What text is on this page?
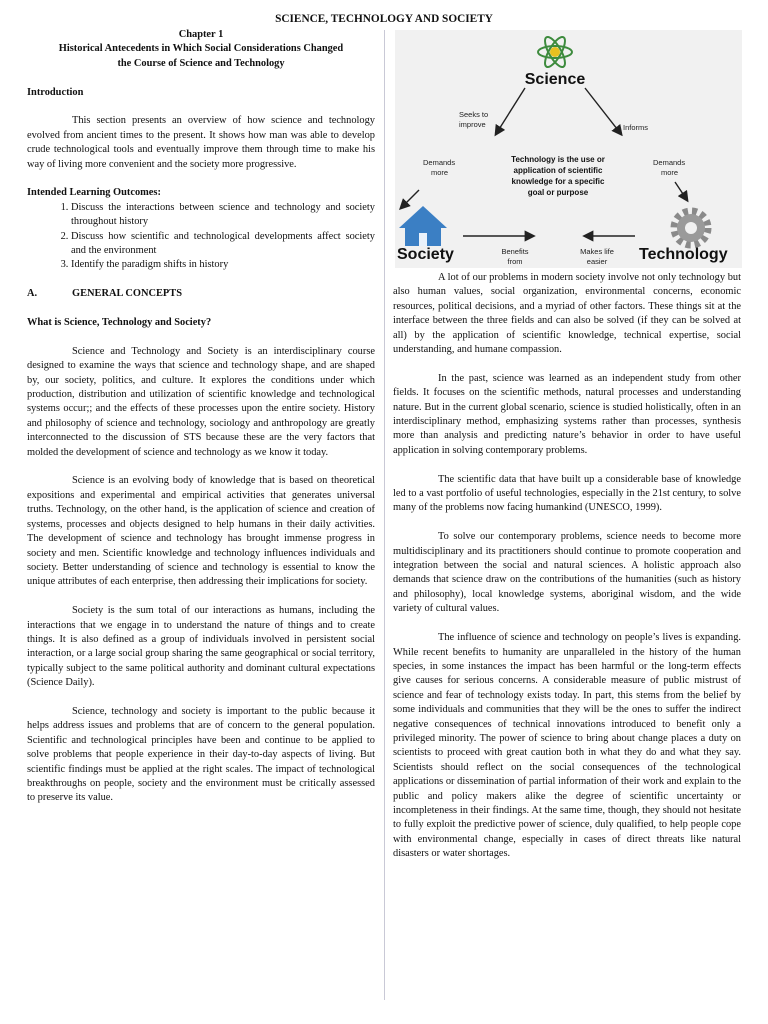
SCIENCE, TECHNOLOGY AND SOCIETY

Chapter 1

Historical Antecedents in Which Social Considerations Changed

the Course of Science and Technology

Introduction

This section presents an overview of how science and technology evolved from ancient times to the present. It shows how man was able to develop crude technological tools and eventually improve them through time to make his way of living more convenient and the society more progressive.

Intended Learning Outcomes:

1. Discuss the interactions between science and technology and society throughout history
2. Discuss how scientific and technological developments affect society and the environment
3. Identify the paradigm shifts in history

A.	GENERAL CONCEPTS

What is Science, Technology and Society?

Science and Technology and Society is an interdisciplinary course designed to examine the ways that science and technology shape, and are shaped by, our society, politics, and culture. It explores the conditions under which production, distribution and utilization of scientific knowledge and technological systems occur;; and the effects of these processes upon the entire society. History and philosophy of science and technology, sociology and anthropology are greatly interconnected to the discussion of STS because these are the very factors that molded the development of science and technology as we know it today.

Science is an evolving body of knowledge that is based on theoretical expositions and experimental and empirical activities that generates universal truths. Technology, on the other hand, is the application of science and creation of systems, processes and objects designed to help humans in their daily activities. The development of science and technology has brought immense progress in society and men. Scientific knowledge and technology influences individuals and society. Better understanding of science and technology is essential to know the unique attributes of each enterprise, then addressing their implications for society.

Society is the sum total of our interactions as humans, including the interactions that we engage in to understand the nature of things and to create things. It is also defined as a group of individuals involved in persistent social interaction, or a large social group sharing the same geographical or social territory, typically subject to the same political authority and dominant cultural expectations (Science Daily).

Science, technology and society is important to the public because it helps address issues and problems that are of concern to the general population. Scientific and technological principles have been and continue to be applied to solve problems that people experience in their day-to-day aspects of living. But scientific findings must be applied at the right scales. The impact of technological breakthroughs on people, society and the environment must be critically assessed to preserve its value.

Science
Seeks to
improve	Informs
Demands
more
Demands
more
Technology is the use or
application of scientific
knowledge for a specific
goal or purpose
Society	Technology
Benefits
from
Makes life
easier

A lot of our problems in modern society involve not only technology but also human values, social organization, environmental concerns, economic resources, political decisions, and a myriad of other factors. These things sit at the interface between the three fields and can also be solved (if they can be solved at all) by the application of scientific knowledge, technical expertise, social understanding, and humane compassion.

In the past, science was learned as an independent study from other fields. It focuses on the scientific methods, natural processes and understanding nature. But in the current global scenario, science is studied holistically, often in an interdisciplinary method, emphasizing systems rather than processes, synthesis more than analysis and predicting nature’s behavior in order to have useful application in solving contemporary problems.

The scientific data that have built up a considerable base of knowledge led to a vast portfolio of useful technologies, especially in the 21st century, to solve many of the problems now facing humankind (UNESCO, 1999).

To solve our contemporary problems, science needs to become more multidisciplinary and its practitioners should continue to promote cooperation and integration between the social and natural sciences. A holistic approach also demands that science draw on the contributions of the humanities (such as history and philosophy), local knowledge systems, aboriginal wisdom, and the wide variety of cultural values.

The influence of science and technology on people’s lives is expanding. While recent benefits to humanity are unparalleled in the history of the human species, in some instances the impact has been harmful or the long-term effects give causes for serious concerns. A considerable measure of public mistrust of science and fear of technology exists today. In part, this stems from the belief by some individuals and communities that they will be the ones to suffer the indirect negative consequences of technical innovations introduced to benefit only a privileged minority. The power of science to bring about change places a duty on scientists to proceed with great caution both in what they do and what they say. Scientists should reflect on the social consequences of the technological applications or dissemination of partial information of their work and explain to the public and policy makers alike the degree of scientific uncertainty or incompleteness in their findings. At the same time, though, they should not hesitate to fully exploit the predictive power of science, duly qualified, to help people cope with environmental change, especially in cases of direct threats like natural disasters or water shortages.
